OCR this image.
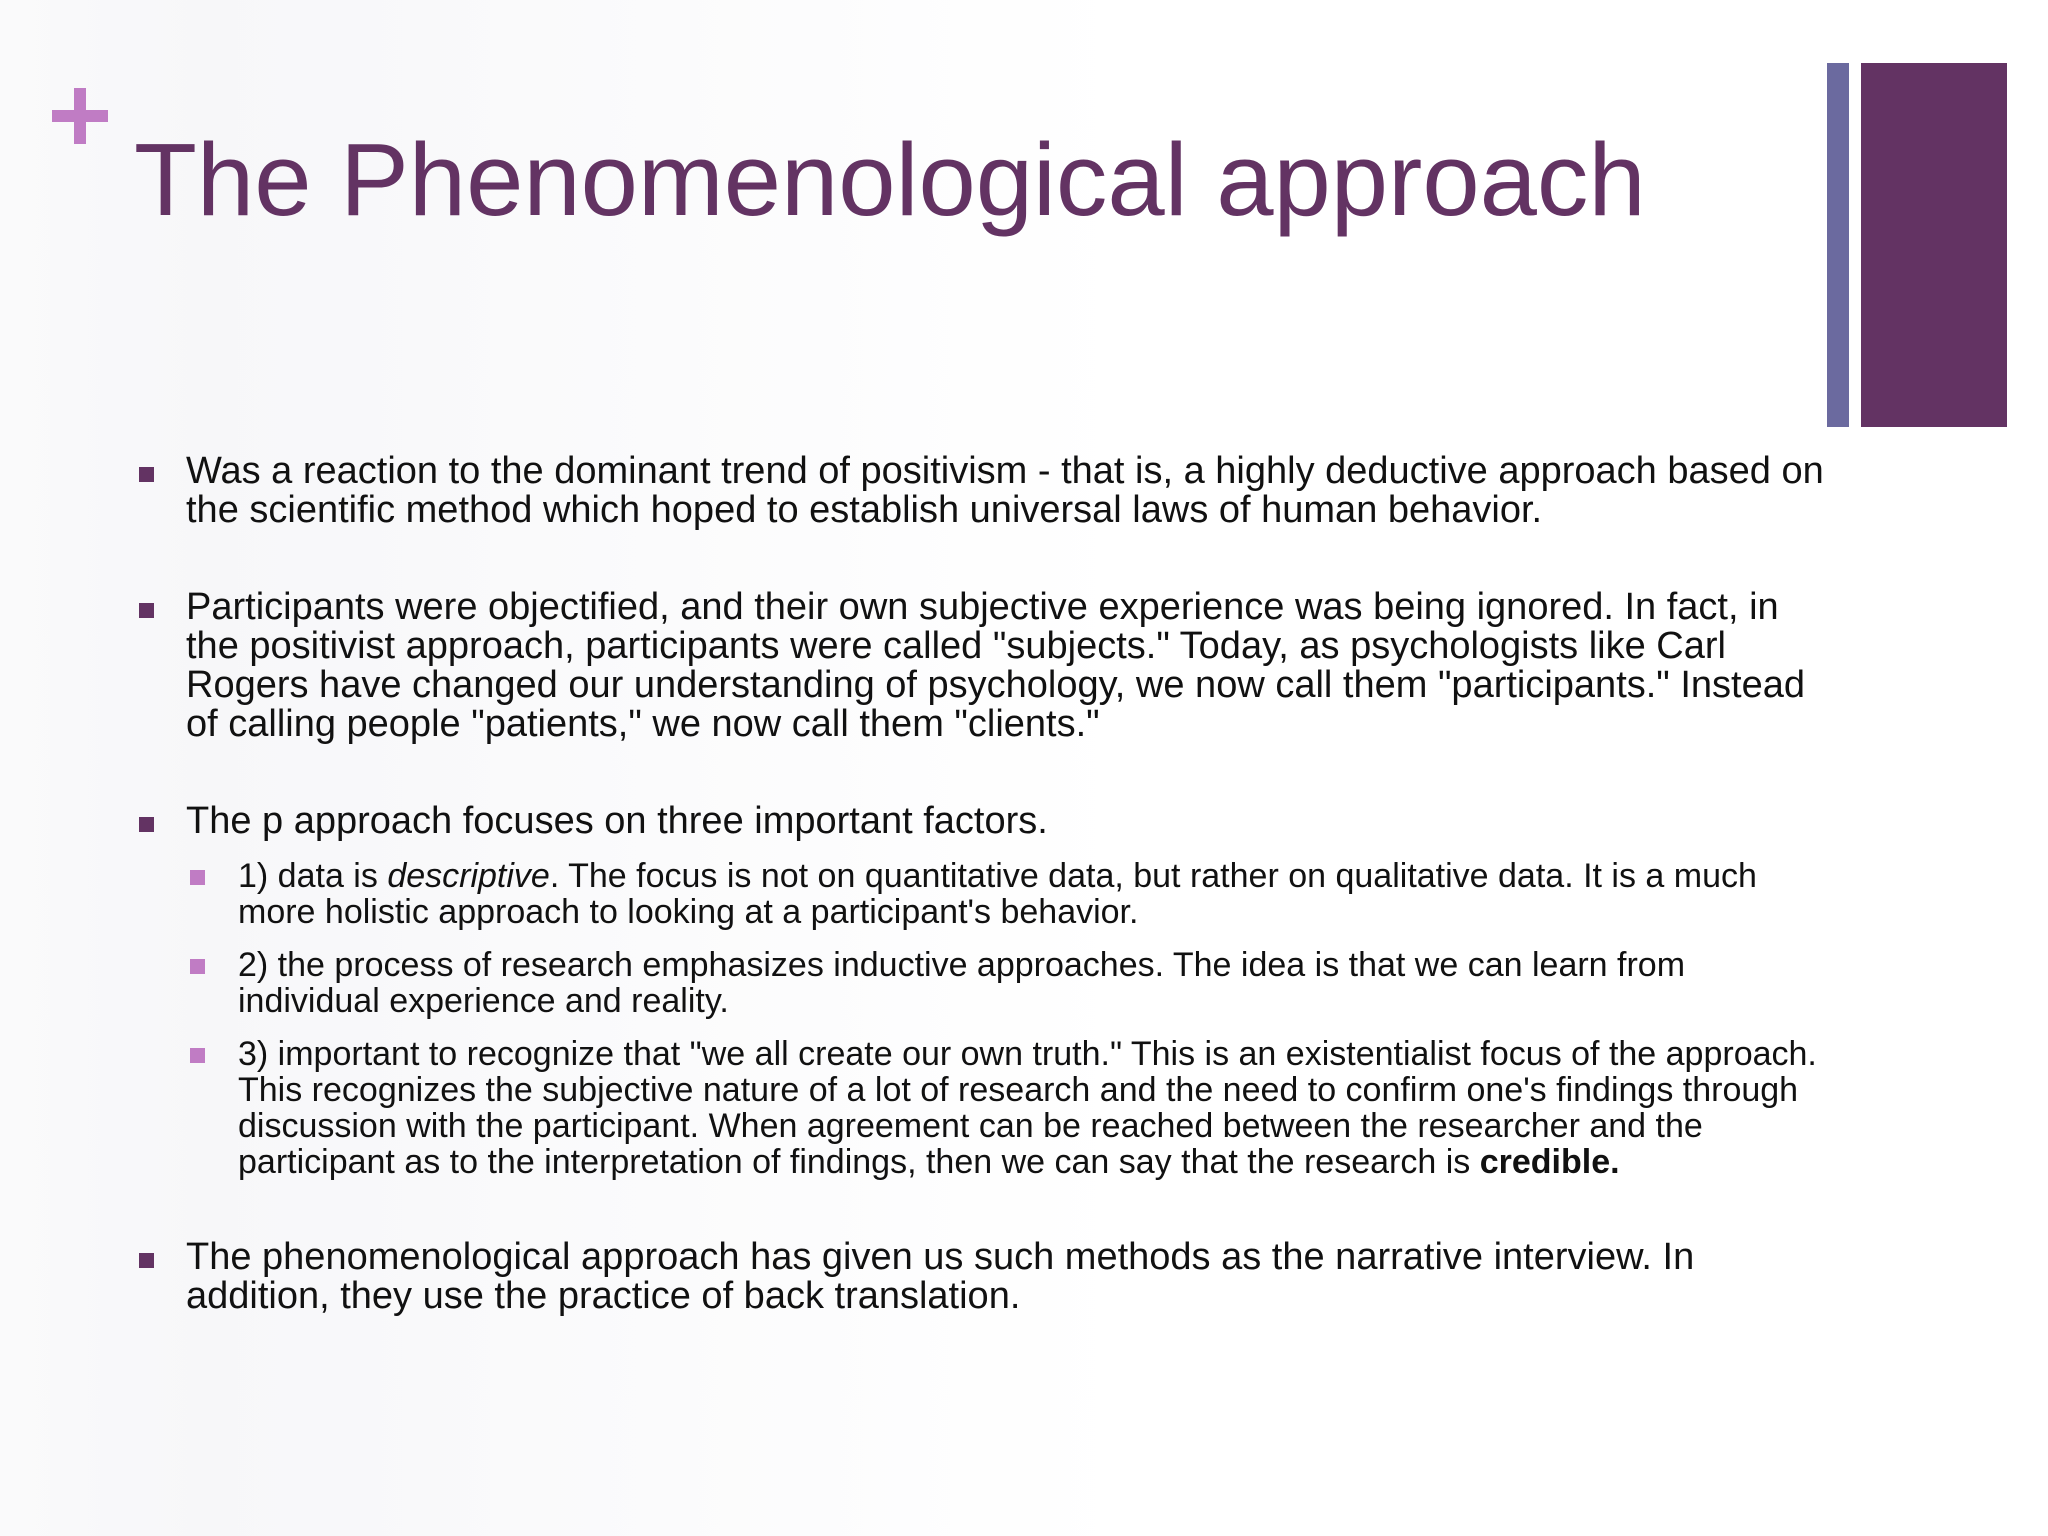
The Phenomenological approach
Was a reaction to the dominant trend of positivism - that is, a highly deductive approach based on the scientific method which hoped to establish universal laws of human behavior.
Participants were objectified, and their own subjective experience was being ignored. In fact, in the positivist approach, participants were called "subjects." Today, as psychologists like Carl Rogers have changed our understanding of psychology, we now call them "participants." Instead of calling people "patients," we now call them "clients."
The p approach focuses on three important factors.
1) data is descriptive. The focus is not on quantitative data, but rather on qualitative data. It is a much more holistic approach to looking at a participant's behavior.
2) the process of research emphasizes inductive approaches. The idea is that we can learn from individual experience and reality.
3) important to recognize that "we all create our own truth." This is an existentialist focus of the approach. This recognizes the subjective nature of a lot of research and the need to confirm one's findings through discussion with the participant. When agreement can be reached between the researcher and the participant as to the interpretation of findings, then we can say that the research is credible.
The phenomenological approach has given us such methods as the narrative interview. In addition, they use the practice of back translation.
